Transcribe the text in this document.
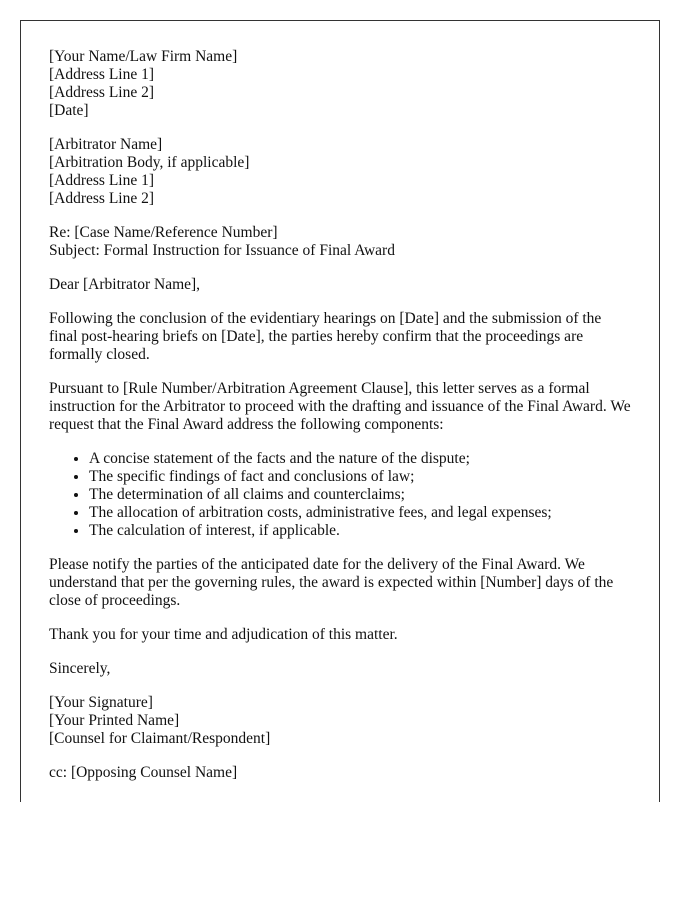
[Your Name/Law Firm Name]
[Address Line 1]
[Address Line 2]
[Date]

[Arbitrator Name]
[Arbitration Body, if applicable]
[Address Line 1]
[Address Line 2]

Re: [Case Name/Reference Number]
Subject: Formal Instruction for Issuance of Final Award

Dear [Arbitrator Name],

Following the conclusion of the evidentiary hearings on [Date] and the submission of the final post-hearing briefs on [Date], the parties hereby confirm that the proceedings are formally closed.

Pursuant to [Rule Number/Arbitration Agreement Clause], this letter serves as a formal instruction for the Arbitrator to proceed with the drafting and issuance of the Final Award. We request that the Final Award address the following components:

• A concise statement of the facts and the nature of the dispute;
• The specific findings of fact and conclusions of law;
• The determination of all claims and counterclaims;
• The allocation of arbitration costs, administrative fees, and legal expenses;
• The calculation of interest, if applicable.

Please notify the parties of the anticipated date for the delivery of the Final Award. We understand that per the governing rules, the award is expected within [Number] days of the close of proceedings.

Thank you for your time and adjudication of this matter.

Sincerely,

[Your Signature]
[Your Printed Name]
[Counsel for Claimant/Respondent]

cc: [Opposing Counsel Name]
